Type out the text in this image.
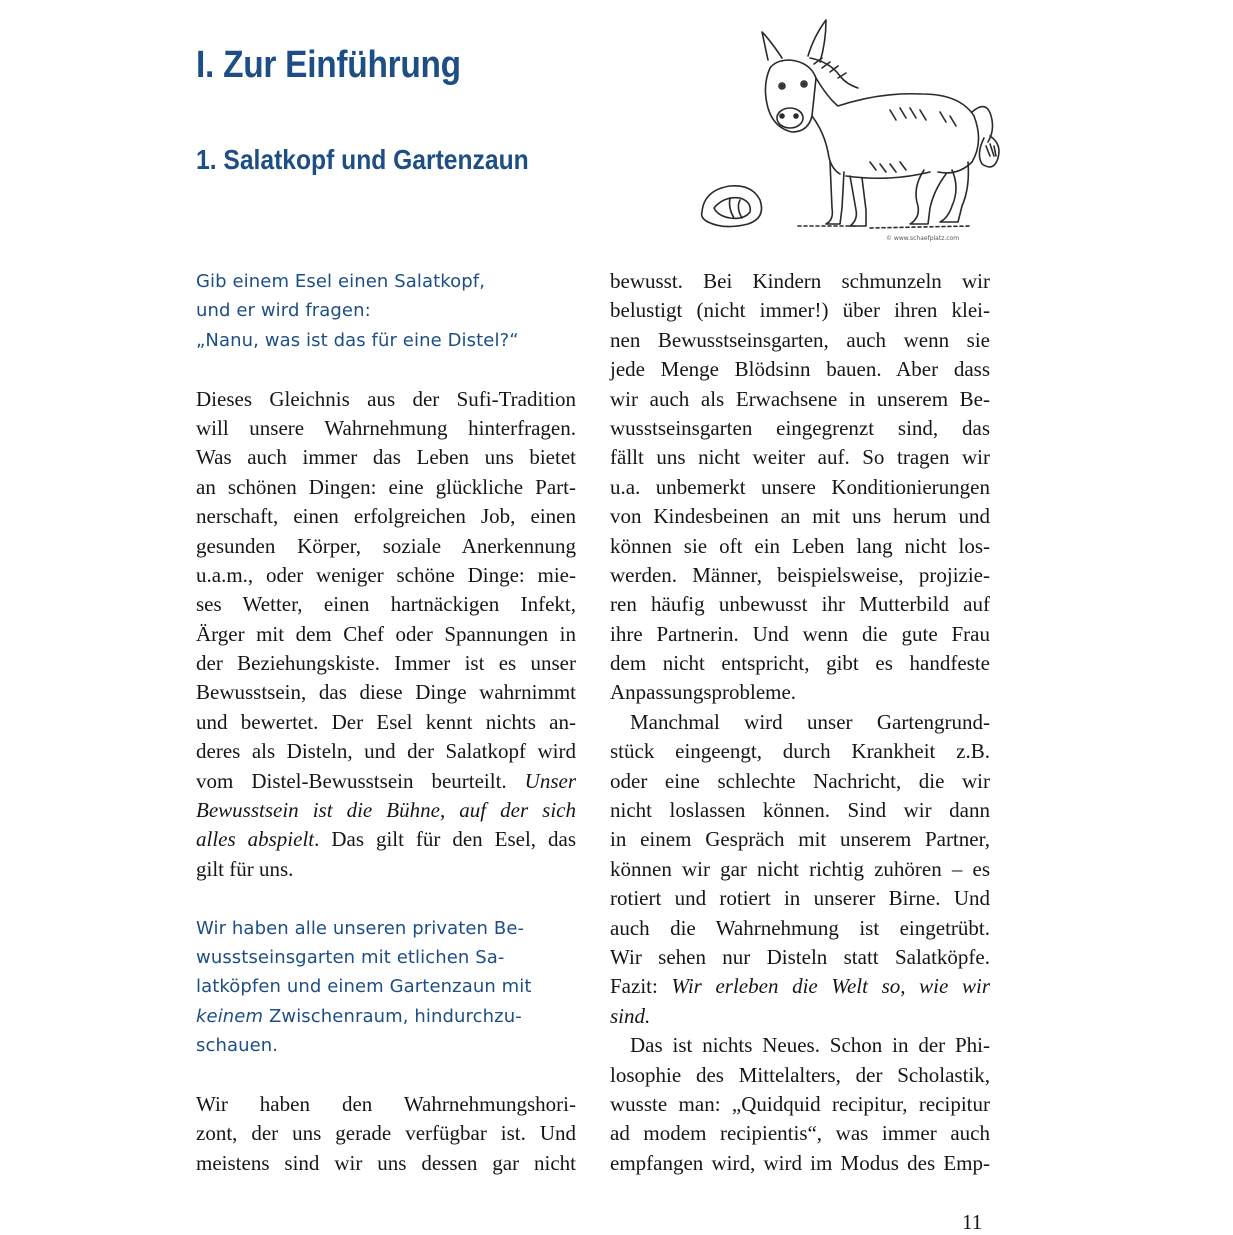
I. Zur Einführung
1. Salatkopf und Gartenzaun
© www.schaefplatz.com
Gib einem Esel einen Salatkopf,
und er wird fragen:
„Nanu, was ist das für eine Distel?“
Dieses Gleichnis aus der Sufi-Tradition
will unsere Wahrnehmung hinterfragen.
Was auch immer das Leben uns bietet
an schönen Dingen: eine glückliche Part-
nerschaft, einen erfolgreichen Job, einen
gesunden Körper, soziale Anerkennung
u.a.m., oder weniger schöne Dinge: mie-
ses Wetter, einen hartnäckigen Infekt,
Ärger mit dem Chef oder Spannungen in
der Beziehungskiste. Immer ist es unser
Bewusstsein, das diese Dinge wahrnimmt
und bewertet. Der Esel kennt nichts an-
deres als Disteln, und der Salatkopf wird
vom Distel-Bewusstsein beurteilt. Unser
Bewusstsein ist die Bühne, auf der sich
alles abspielt. Das gilt für den Esel, das
gilt für uns.
Wir haben alle unseren privaten Be-
wusstseinsgarten mit etlichen Sa-
latköpfen und einem Gartenzaun mit
keinem Zwischenraum, hindurchzu-
schauen.
Wir haben den Wahrnehmungshori-
zont, der uns gerade verfügbar ist. Und
meistens sind wir uns dessen gar nicht
bewusst. Bei Kindern schmunzeln wir
belustigt (nicht immer!) über ihren klei-
nen Bewusstseinsgarten, auch wenn sie
jede Menge Blödsinn bauen. Aber dass
wir auch als Erwachsene in unserem Be-
wusstseinsgarten eingegrenzt sind, das
fällt uns nicht weiter auf. So tragen wir
u.a. unbemerkt unsere Konditionierungen
von Kindesbeinen an mit uns herum und
können sie oft ein Leben lang nicht los-
werden. Männer, beispielsweise, projizie-
ren häufig unbewusst ihr Mutterbild auf
ihre Partnerin. Und wenn die gute Frau
dem nicht entspricht, gibt es handfeste
Anpassungsprobleme.
Manchmal wird unser Gartengrund-
stück eingeengt, durch Krankheit z.B.
oder eine schlechte Nachricht, die wir
nicht loslassen können. Sind wir dann
in einem Gespräch mit unserem Partner,
können wir gar nicht richtig zuhören – es
rotiert und rotiert in unserer Birne. Und
auch die Wahrnehmung ist eingetrübt.
Wir sehen nur Disteln statt Salatköpfe.
Fazit: Wir erleben die Welt so, wie wir
sind.
Das ist nichts Neues. Schon in der Phi-
losophie des Mittelalters, der Scholastik,
wusste man: „Quidquid recipitur, recipitur
ad modem recipientis“, was immer auch
empfangen wird, wird im Modus des Emp-
11
